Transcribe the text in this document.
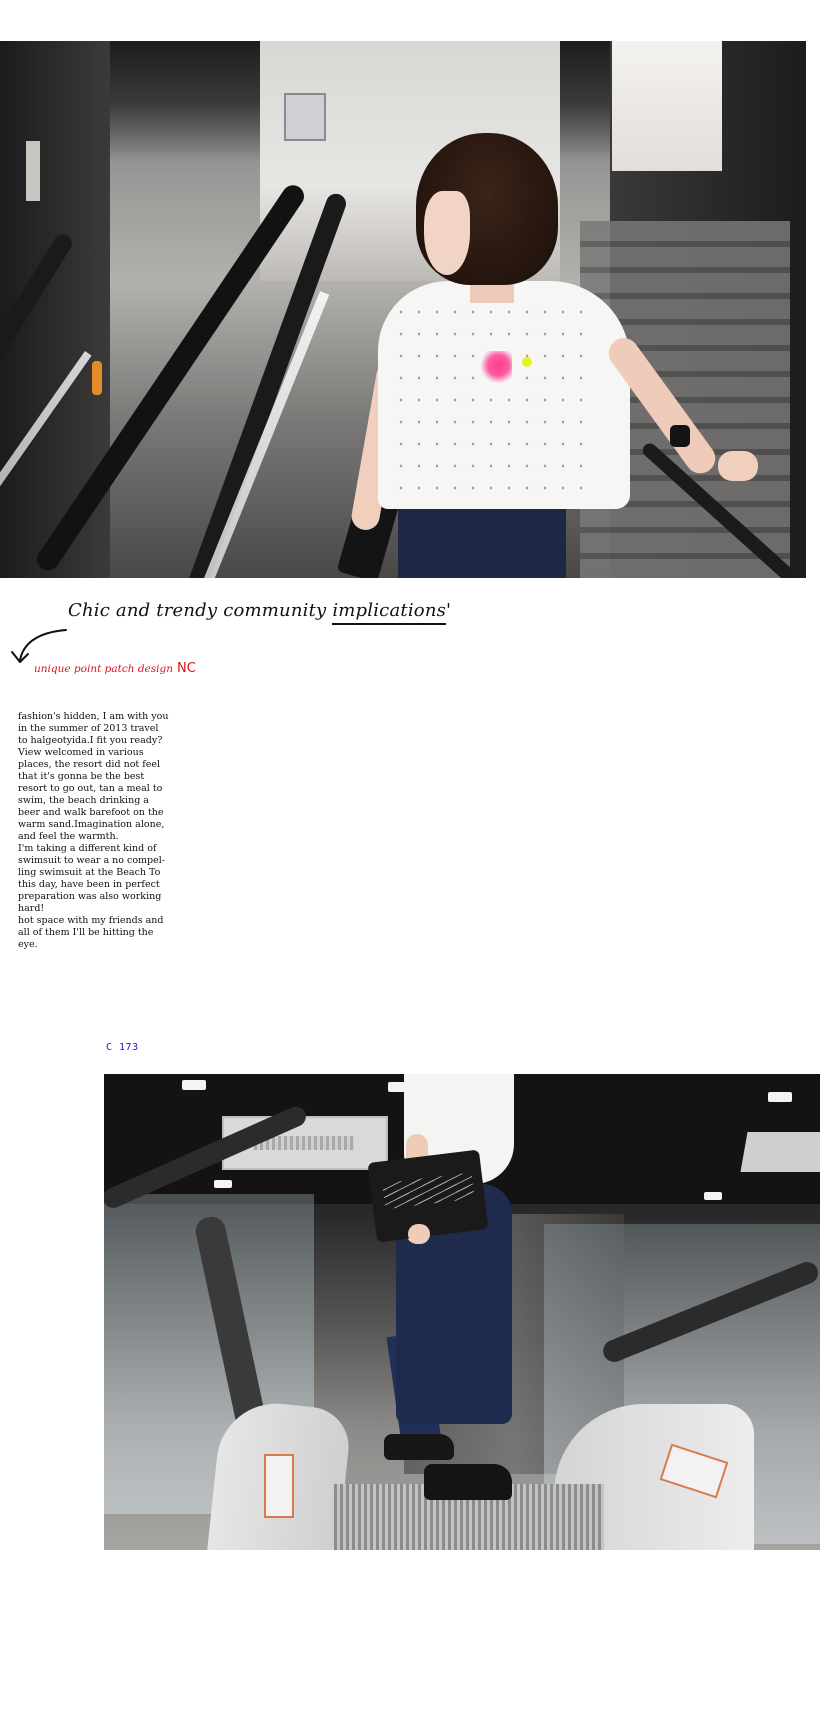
Chic and trendy community implications'
unique point patch design NC

fashion's hidden, I am with you in the summer of 2013 travel to halgeotyida.I fit you ready?View welcomed in various places, the resort did not feel that it's gonna be the best resort to go out, tan a meal to swim, the beach drinking a beer and walk barefoot on the warm sand.Imagination alone, and feel the warmth.

I'm taking a different kind of swimsuit to wear a no compel-ling swimsuit at the Beach To this day, have been in perfect preparation was also working hard!

hot space with my friends and all of them I'll be hitting the eye.

C 173
